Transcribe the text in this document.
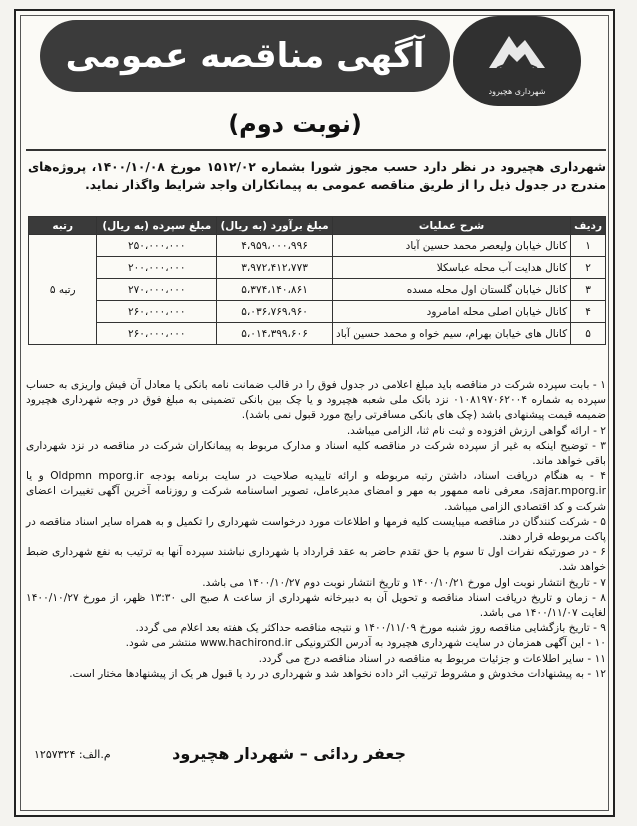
آگهی مناقصه عمومی
شهرداری هچیرود
(نوبت دوم)
شهرداری هچیرود در نظر دارد حسب مجوز شورا بشماره ۱۵۱۲/۰۲ مورخ ۱۴۰۰/۱۰/۰۸، پروژه‌های مندرج در جدول ذیل را از طریق مناقصه عمومی به پیمانکاران واجد شرایط واگذار نماید.
ردیف	شرح عملیات	مبلغ برآورد (به ریال)	مبلغ سپرده (به ریال)	رتبه
۱	کانال خیابان ولیعصر محمد حسین آباد	۴،۹۵۹،۰۰۰،۹۹۶	۲۵۰،۰۰۰،۰۰۰	رتبه ۵
۲	کانال هدایت آب محله عباسکلا	۳،۹۷۲،۴۱۲،۷۷۳	۲۰۰،۰۰۰،۰۰۰	
۳	کانال خیابان گلستان اول محله مسده	۵،۳۷۴،۱۴۰،۸۶۱	۲۷۰،۰۰۰،۰۰۰	
۴	کانال خیابان اصلی محله امامرود	۵،۰۳۶،۷۶۹،۹۶۰	۲۶۰،۰۰۰،۰۰۰	
۵	کانال های خیابان بهرام، سیم خواه و محمد حسین آباد	۵،۰۱۴،۳۹۹،۶۰۶	۲۶۰،۰۰۰،۰۰۰	

۱ - بابت سپرده شرکت در مناقصه باید مبلغ اعلامی در جدول فوق را در قالب ضمانت نامه بانکی یا معادل آن فیش واریزی به حساب سپرده به شماره ۰۱۰۸۱۹۷۰۶۲۰۰۴ نزد بانک ملی شعبه هچیرود و یا چک بین بانکی تضمینی به مبلغ فوق در وجه شهرداری هچیرود ضمیمه قیمت پیشنهادی باشد (چک های بانکی مسافرتی رایج مورد قبول نمی باشد).

۲ - ارائه گواهی ارزش افزوده و ثبت نام ثنا، الزامی میباشد.

۳ - توضیح اینکه به غیر از سپرده شرکت در مناقصه کلیه اسناد و مدارک مربوط به پیمانکاران شرکت در مناقصه در نزد شهرداری باقی خواهد ماند.

۴ - به هنگام دریافت اسناد، داشتن رتبه مربوطه و ارائه تاییدیه صلاحیت در سایت برنامه بودجه Oldpmn mporg.ir و یا sajar.mporg.ir، معرفی نامه ممهور به مهر و امضای مدیرعامل، تصویر اساسنامه شرکت و روزنامه آخرین آگهی تغییرات اعضای شرکت و کد اقتصادی الزامی میباشد.

۵ - شرکت کنندگان در مناقصه میبایست کلیه فرمها و اطلاعات مورد درخواست شهرداری را تکمیل و به همراه سایر اسناد مناقصه در پاکت مربوطه قرار دهند.

۶ - در صورتیکه نفرات اول تا سوم با حق تقدم حاضر به عقد قرارداد با شهرداری نباشند سپرده آنها به ترتیب به نفع شهرداری ضبط خواهد شد.

۷ - تاریخ انتشار نوبت اول مورخ ۱۴۰۰/۱۰/۲۱ و تاریخ انتشار نوبت دوم ۱۴۰۰/۱۰/۲۷ می باشد.

۸ - زمان و تاریخ دریافت اسناد مناقصه و تحویل آن به دبیرخانه شهرداری از ساعت ۸ صبح الی ۱۳:۳۰ ظهر، از مورخ ۱۴۰۰/۱۰/۲۷ لغایت ۱۴۰۰/۱۱/۰۷ می باشد.

۹ - تاریخ بازگشایی مناقصه روز شنبه مورخ ۱۴۰۰/۱۱/۰۹ و نتیجه مناقصه حداکثر یک هفته بعد اعلام می گردد.

۱۰ - این آگهی همزمان در سایت شهرداری هچیرود به آدرس الکترونیکی www.hachirond.ir منتشر می شود.

۱۱ - سایر اطلاعات و جزئیات مربوط به مناقصه در اسناد مناقصه درج می گردد.

۱۲ - به پیشنهادات مخدوش و مشروط ترتیب اثر داده نخواهد شد و شهرداری در رد یا قبول هر یک از پیشنهادها مختار است.

جعفر ردائی – شهردار هچیرود
م.الف: ۱۲۵۷۳۲۴
